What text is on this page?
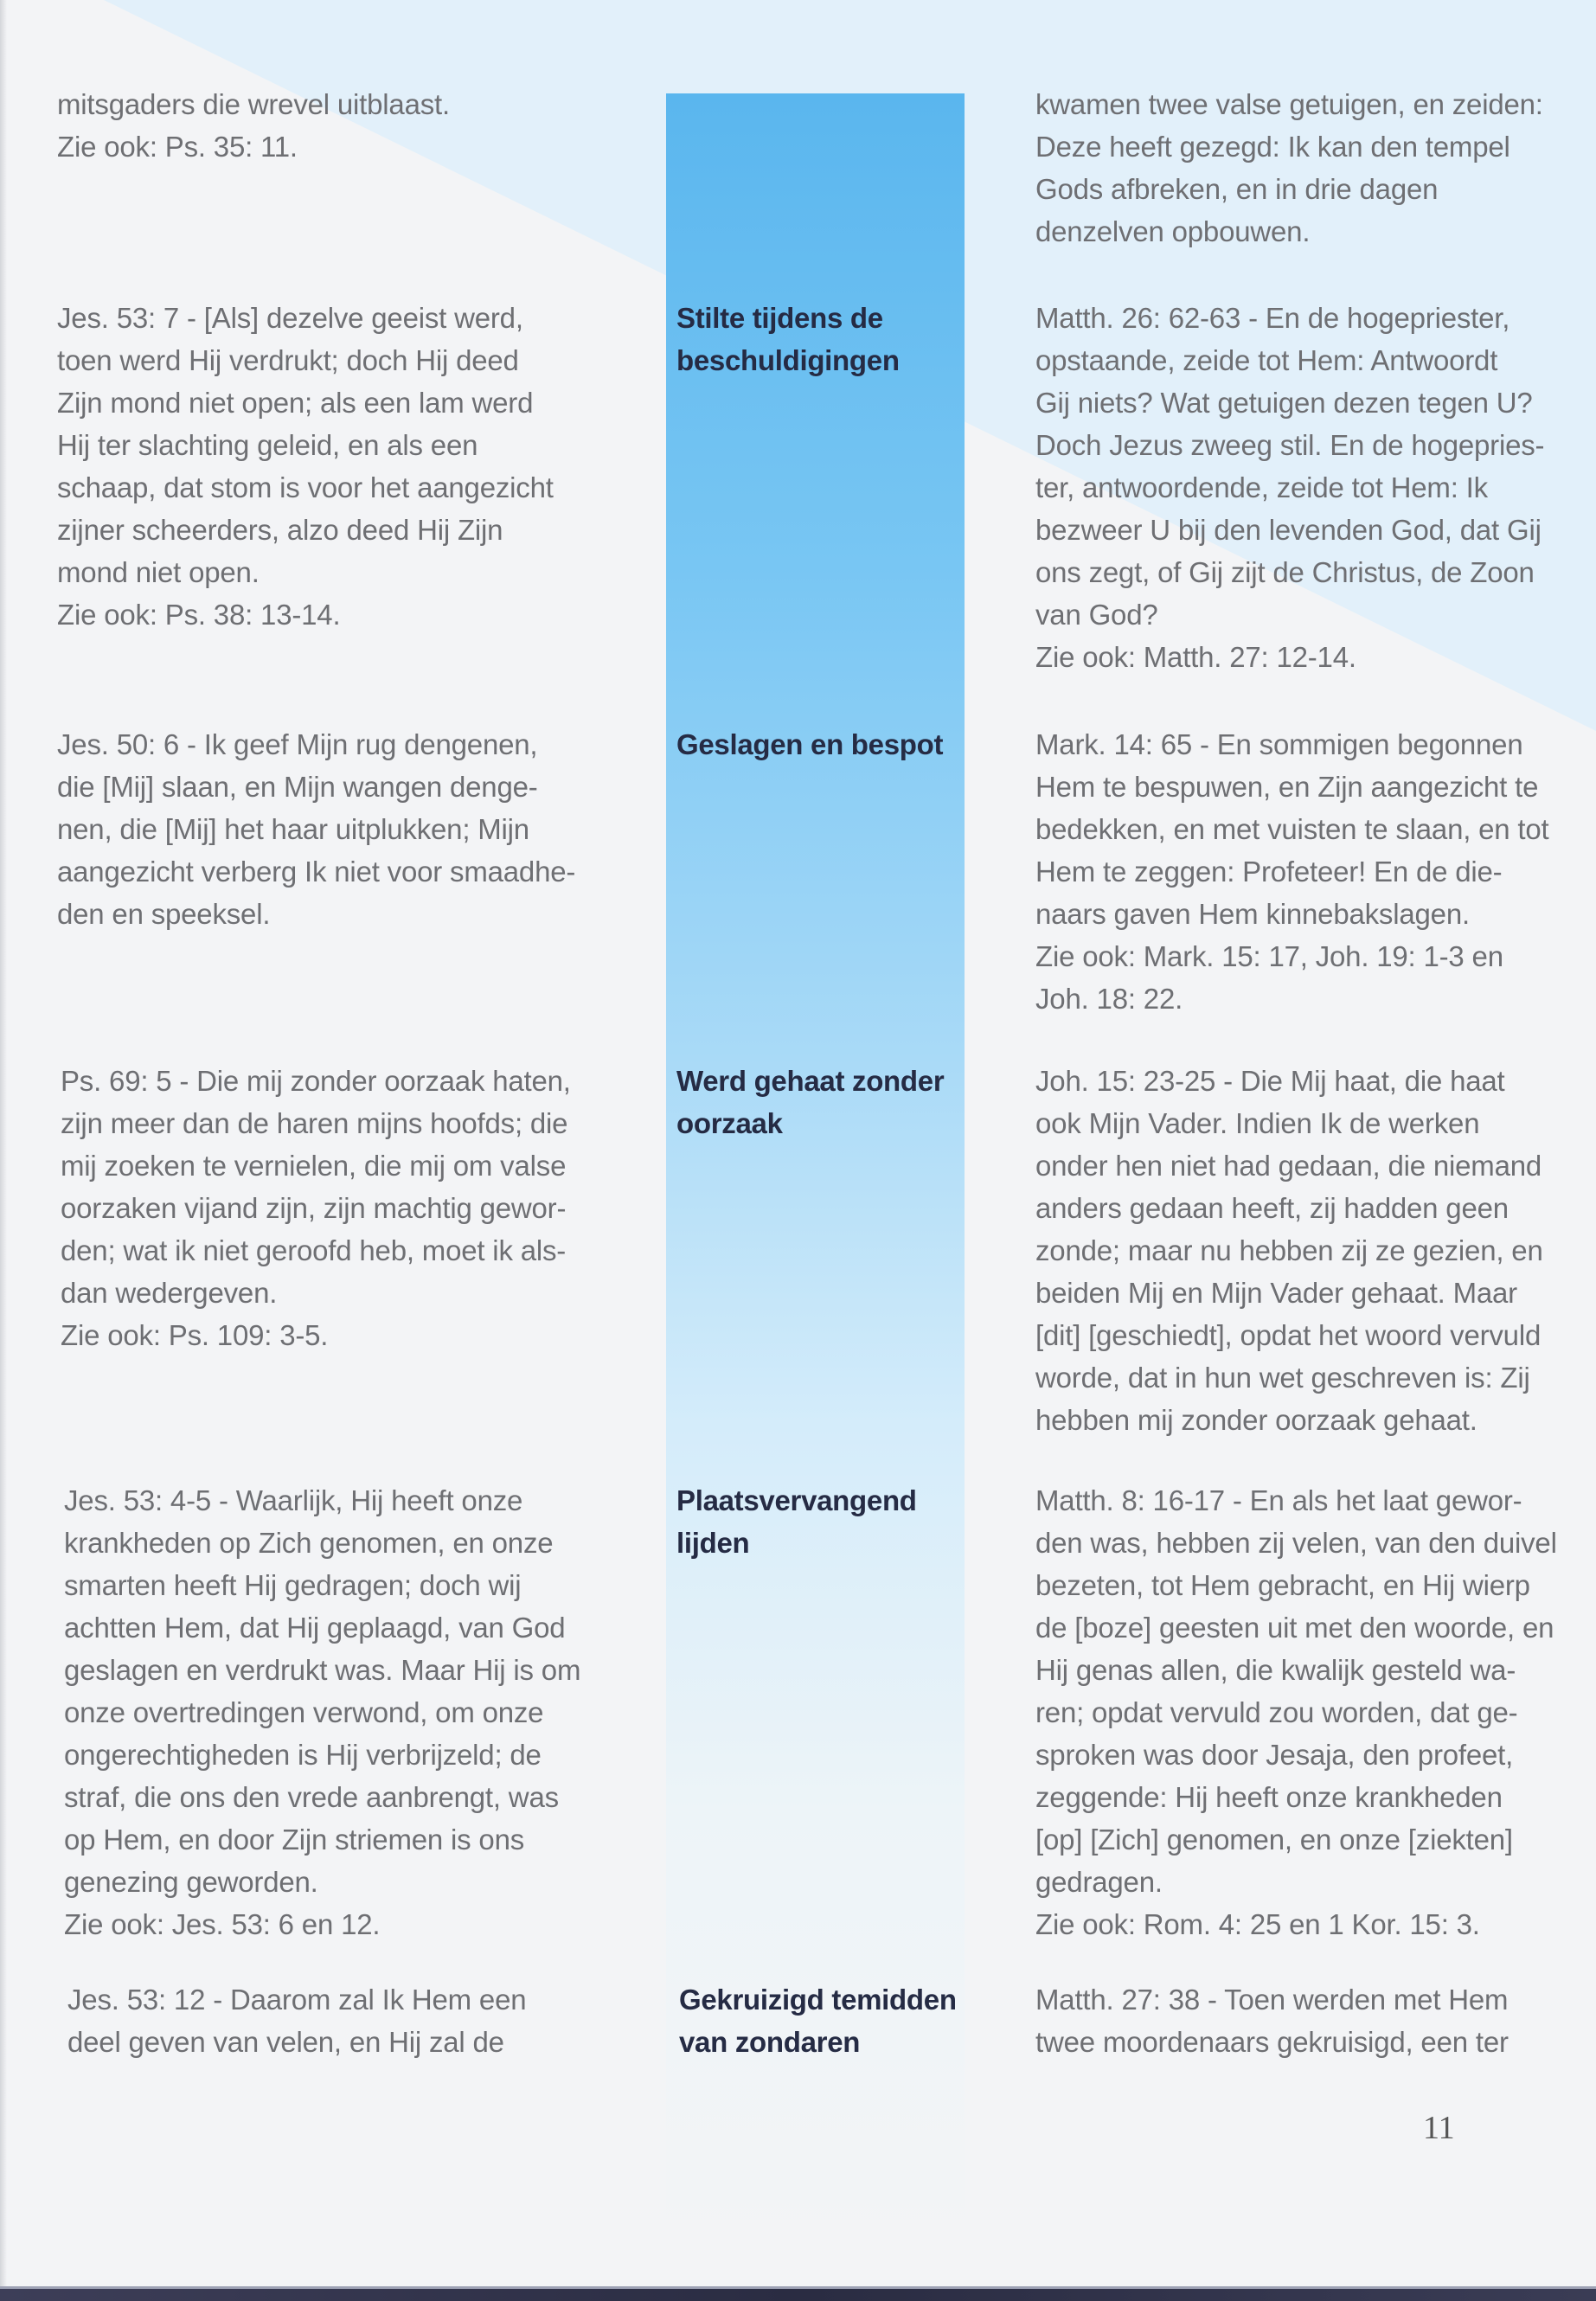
mitsgaders die wrevel uitblaast.

Zie ook: Ps. 35: 11.

kwamen twee valse getuigen, en zeiden:

Deze heeft gezegd: Ik kan den tempel

Gods afbreken, en in drie dagen

denzelven opbouwen.

Jes. 53: 7 - [Als] dezelve geeist werd,

toen werd Hij verdrukt; doch Hij deed

Zijn mond niet open; als een lam werd

Hij ter slachting geleid, en als een

schaap, dat stom is voor het aangezicht

zijner scheerders, alzo deed Hij Zijn

mond niet open.

Zie ook: Ps. 38: 13-14.

Stilte tijdens de

beschuldigingen

Matth. 26: 62-63 - En de hogepriester,

opstaande, zeide tot Hem: Antwoordt

Gij niets? Wat getuigen dezen tegen U?

Doch Jezus zweeg stil. En de hogepries-

ter, antwoordende, zeide tot Hem: Ik

bezweer U bij den levenden God, dat Gij

ons zegt, of Gij zijt de Christus, de Zoon

van God?

Zie ook: Matth. 27: 12-14.

Jes. 50: 6 - Ik geef Mijn rug dengenen,

die [Mij] slaan, en Mijn wangen denge-

nen, die [Mij] het haar uitplukken; Mijn

aangezicht verberg Ik niet voor smaadhe-

den en speeksel.

Geslagen en bespot	Mark. 14: 65 - En sommigen begonnen

Hem te bespuwen, en Zijn aangezicht te

bedekken, en met vuisten te slaan, en tot

Hem te zeggen: Profeteer! En de die-

naars gaven Hem kinnebakslagen.

Zie ook: Mark. 15: 17, Joh. 19: 1-3 en

Joh. 18: 22.

Ps. 69: 5 - Die mij zonder oorzaak haten,

zijn meer dan de haren mijns hoofds; die

mij zoeken te vernielen, die mij om valse

oorzaken vijand zijn, zijn machtig gewor-

den; wat ik niet geroofd heb, moet ik als-

dan wedergeven.

Zie ook: Ps. 109: 3-5.

Werd gehaat zonder

oorzaak

Joh. 15: 23-25 - Die Mij haat, die haat

ook Mijn Vader. Indien Ik de werken

onder hen niet had gedaan, die niemand

anders gedaan heeft, zij hadden geen

zonde; maar nu hebben zij ze gezien, en

beiden Mij en Mijn Vader gehaat. Maar

[dit] [geschiedt], opdat het woord vervuld

worde, dat in hun wet geschreven is: Zij

hebben mij zonder oorzaak gehaat.

Jes. 53: 4-5 - Waarlijk, Hij heeft onze

krankheden op Zich genomen, en onze

smarten heeft Hij gedragen; doch wij

achtten Hem, dat Hij geplaagd, van God

geslagen en verdrukt was. Maar Hij is om

onze overtredingen verwond, om onze

ongerechtigheden is Hij verbrijzeld; de

straf, die ons den vrede aanbrengt, was

op Hem, en door Zijn striemen is ons

genezing geworden.

Zie ook: Jes. 53: 6 en 12.

Plaatsvervangend

lijden

Matth. 8: 16-17 - En als het laat gewor-

den was, hebben zij velen, van den duivel

bezeten, tot Hem gebracht, en Hij wierp

de [boze] geesten uit met den woorde, en

Hij genas allen, die kwalijk gesteld wa-

ren; opdat vervuld zou worden, dat ge-

sproken was door Jesaja, den profeet,

zeggende: Hij heeft onze krankheden

[op] [Zich] genomen, en onze [ziekten]

gedragen.

Zie ook: Rom. 4: 25 en 1 Kor. 15: 3.

Jes. 53: 12 - Daarom zal Ik Hem een

deel geven van velen, en Hij zal de

Gekruizigd temidden

van zondaren

Matth. 27: 38 - Toen werden met Hem

twee moordenaars gekruisigd, een ter

11
